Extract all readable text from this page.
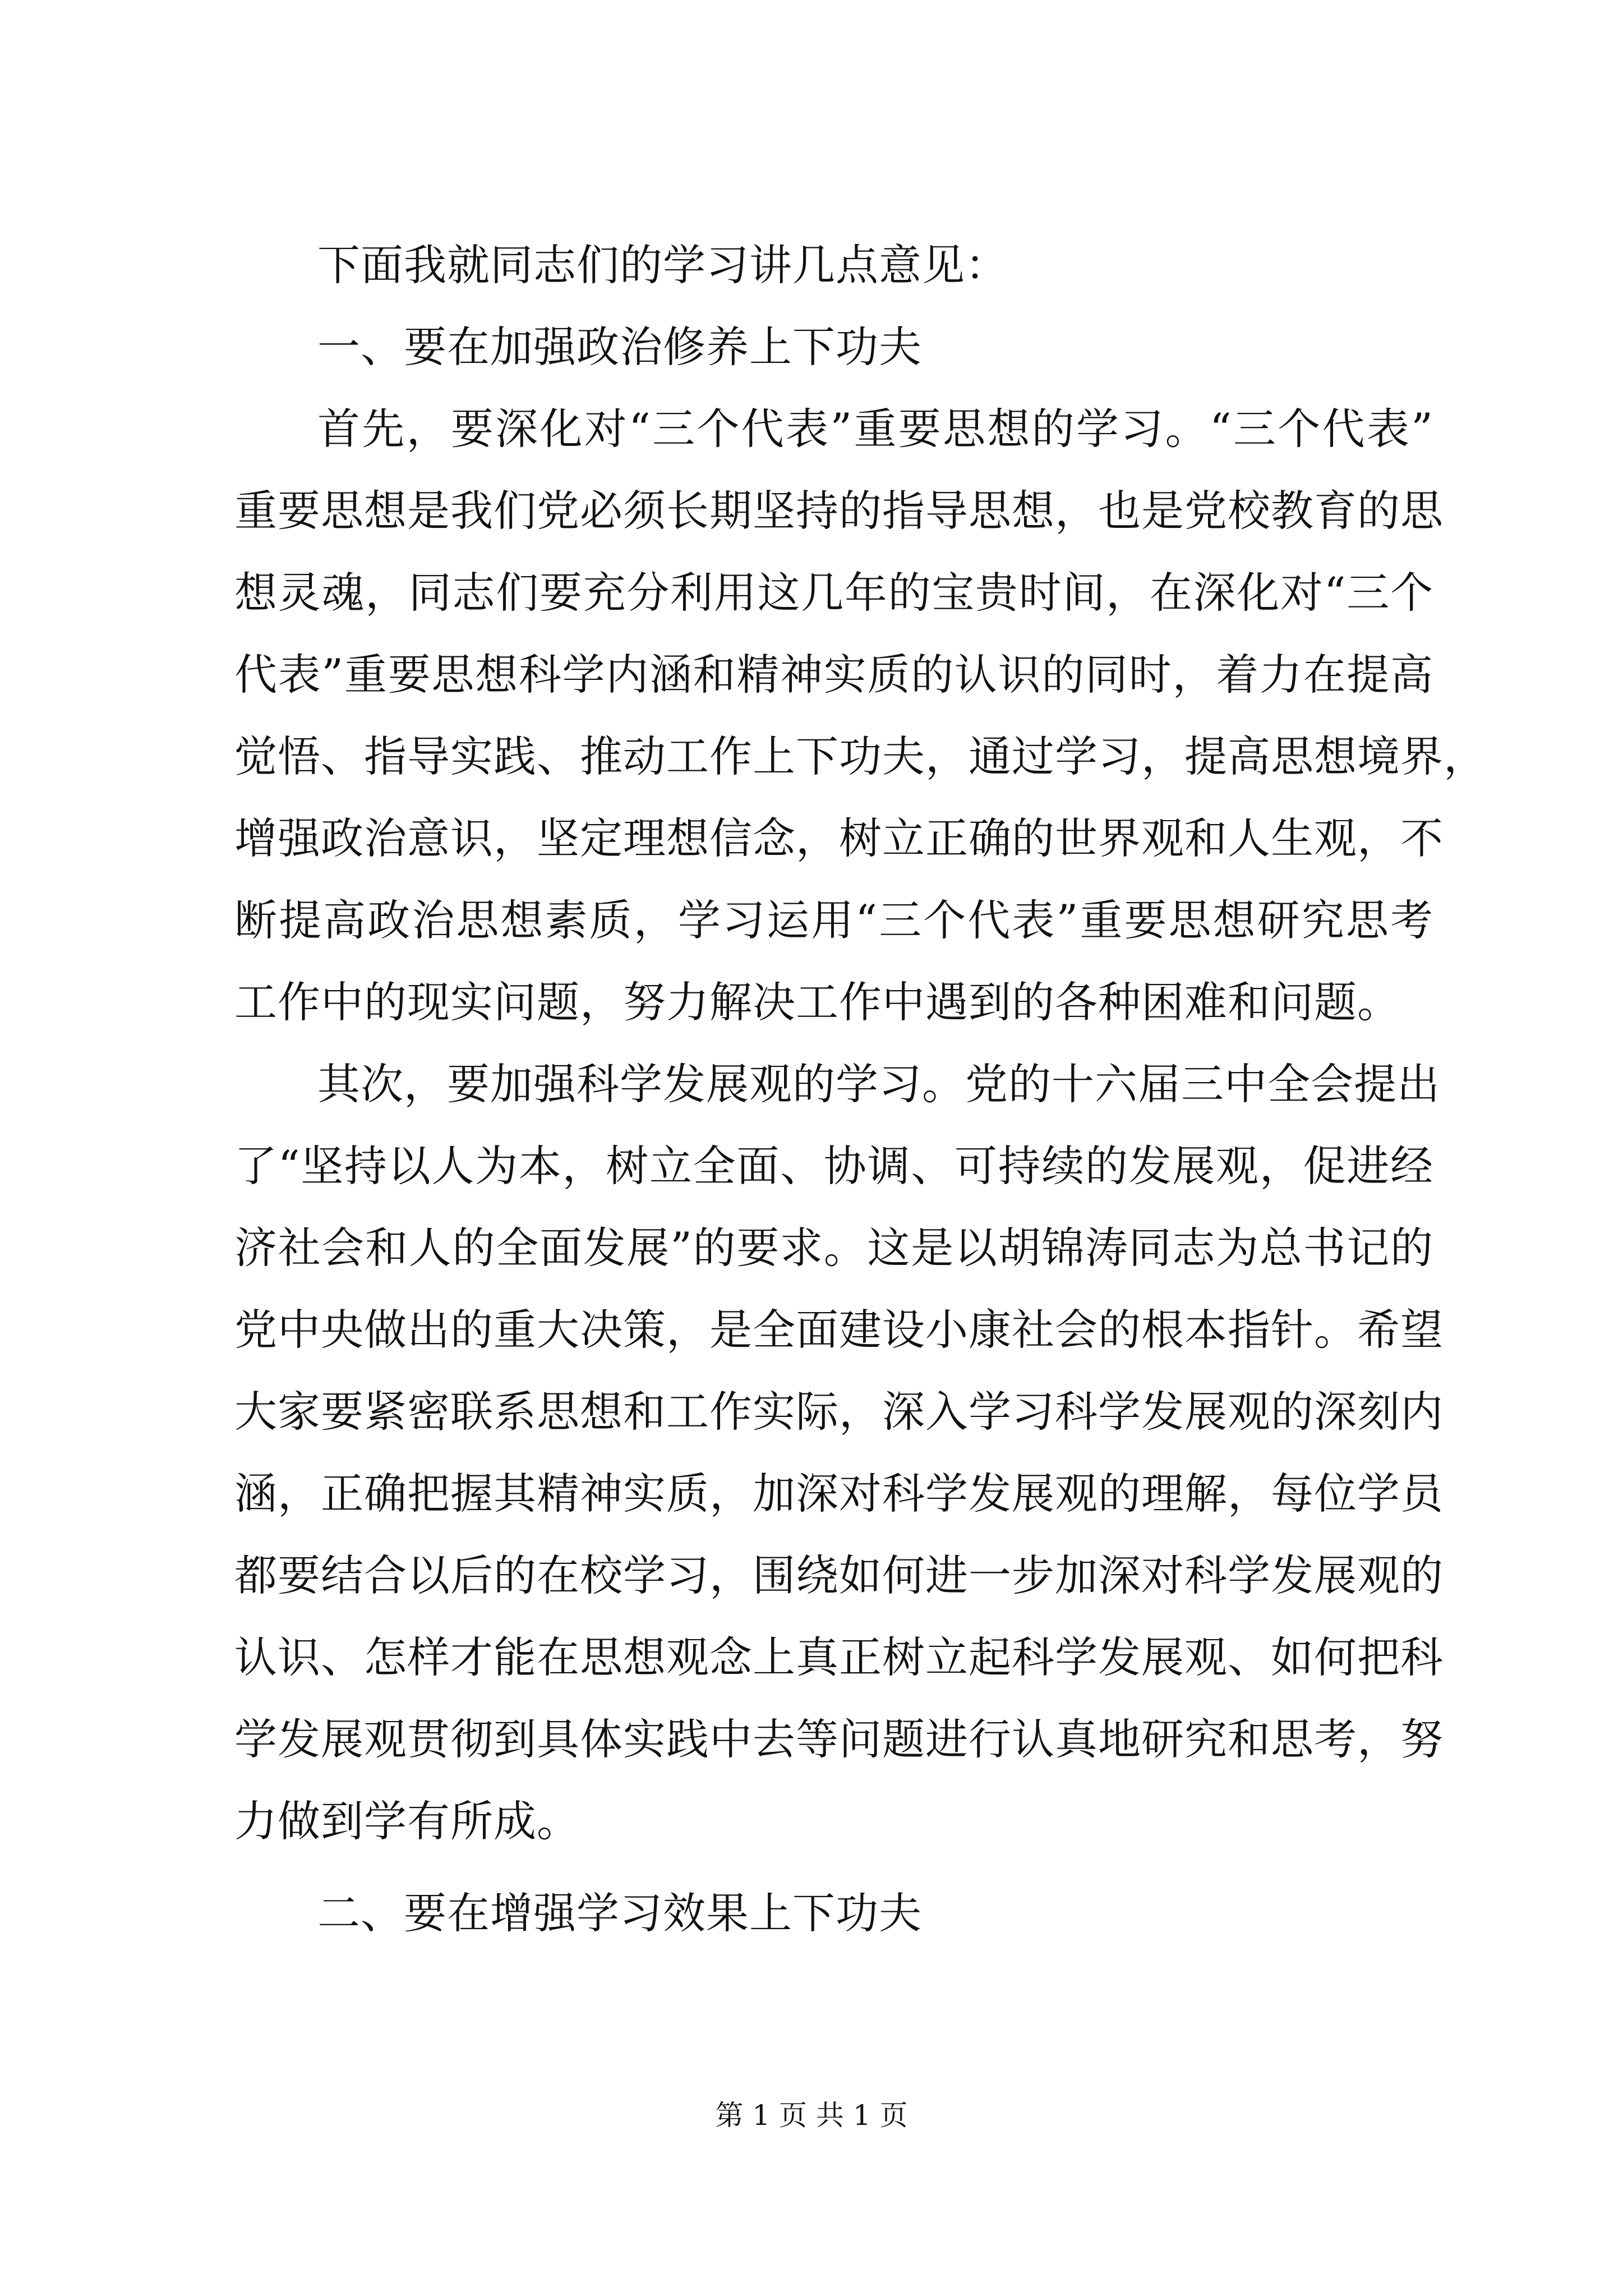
下面我就同志们的学习讲几点意见：
一、要在加强政治修养上下功夫
首先，要深化对“三个代表”重要思想的学习。“三个代表”
重要思想是我们党必须长期坚持的指导思想，也是党校教育的思
想灵魂，同志们要充分利用这几年的宝贵时间，在深化对“三个
代表”重要思想科学内涵和精神实质的认识的同时，着力在提高
觉悟、指导实践、推动工作上下功夫，通过学习，提高思想境界，
增强政治意识，坚定理想信念，树立正确的世界观和人生观，不
断提高政治思想素质，学习运用“三个代表”重要思想研究思考
工作中的现实问题，努力解决工作中遇到的各种困难和问题。
其次，要加强科学发展观的学习。党的十六届三中全会提出
了“坚持以人为本，树立全面、协调、可持续的发展观，促进经
济社会和人的全面发展”的要求。这是以胡锦涛同志为总书记的
党中央做出的重大决策，是全面建设小康社会的根本指针。希望
大家要紧密联系思想和工作实际，深入学习科学发展观的深刻内
涵，正确把握其精神实质，加深对科学发展观的理解，每位学员
都要结合以后的在校学习，围绕如何进一步加深对科学发展观的
认识、怎样才能在思想观念上真正树立起科学发展观、如何把科
学发展观贯彻到具体实践中去等问题进行认真地研究和思考，努
力做到学有所成。
二、要在增强学习效果上下功夫
第 1 页 共 1 页
